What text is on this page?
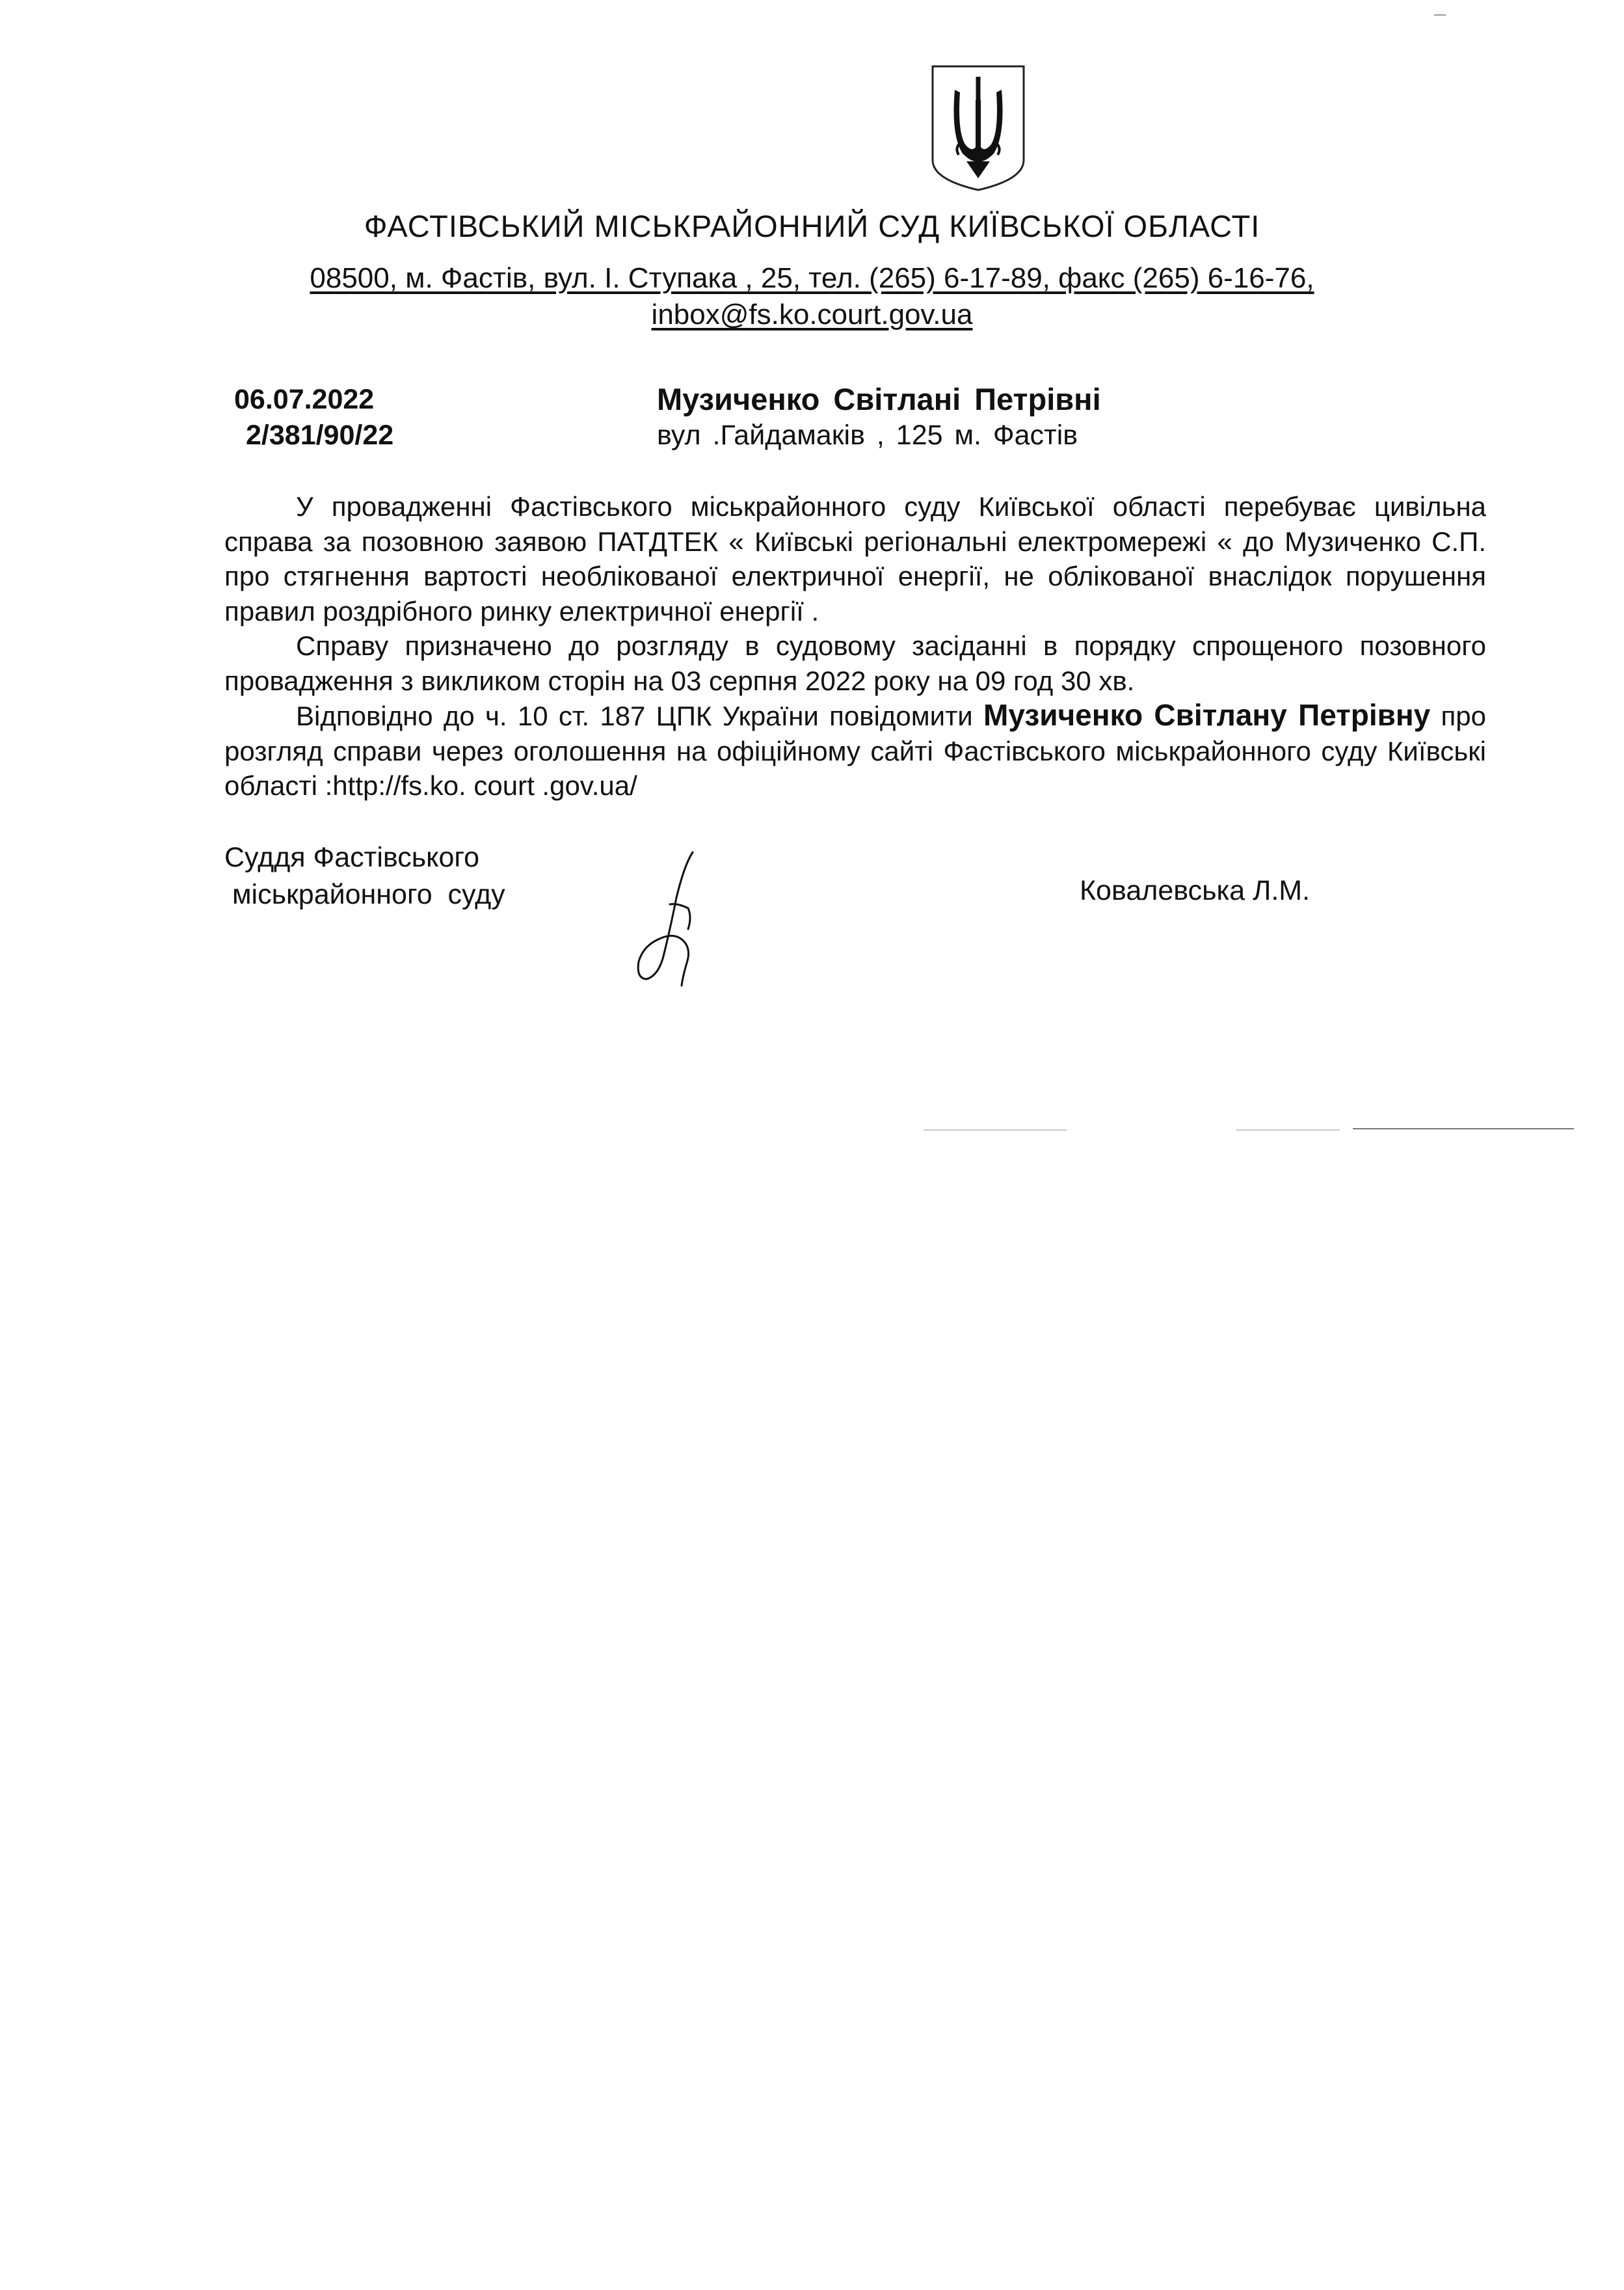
ФАСТІВСЬКИЙ МІСЬКРАЙОННИЙ СУД КИЇВСЬКОЇ ОБЛАСТІ
08500, м. Фастів, вул. І. Ступака , 25, тел. (265) 6-17-89, факс (265) 6-16-76,
inbox@fs.ko.court.gov.ua
06.07.2022
2/381/90/22
Музиченко Світлані Петрівні
вул .Гайдамаків , 125 м. Фастів

У провадженні Фастівського міськрайонного суду Київської області перебуває цивільна справа за позовною заявою ПАТДТЕК « Київські регіональні електромережі « до Музиченко С.П. про стягнення вартості необлікованої електричної енергії, не облікованої внаслідок порушення правил роздрібного ринку електричної енергії .

Справу призначено до розгляду в судовому засіданні в порядку спрощеного позовного провадження з викликом сторін на 03 серпня 2022 року на 09 год 30 хв.

Відповідно до ч. 10 ст. 187 ЦПК України повідомити Музиченко Світлану Петрівну про розгляд справи через оголошення на офіційному сайті Фастівського міськрайонного суду Київські області :http://fs.ko. court .gov.ua/

Суддя Фастівського
міськрайонного  суду	Ковалевська Л.М.
